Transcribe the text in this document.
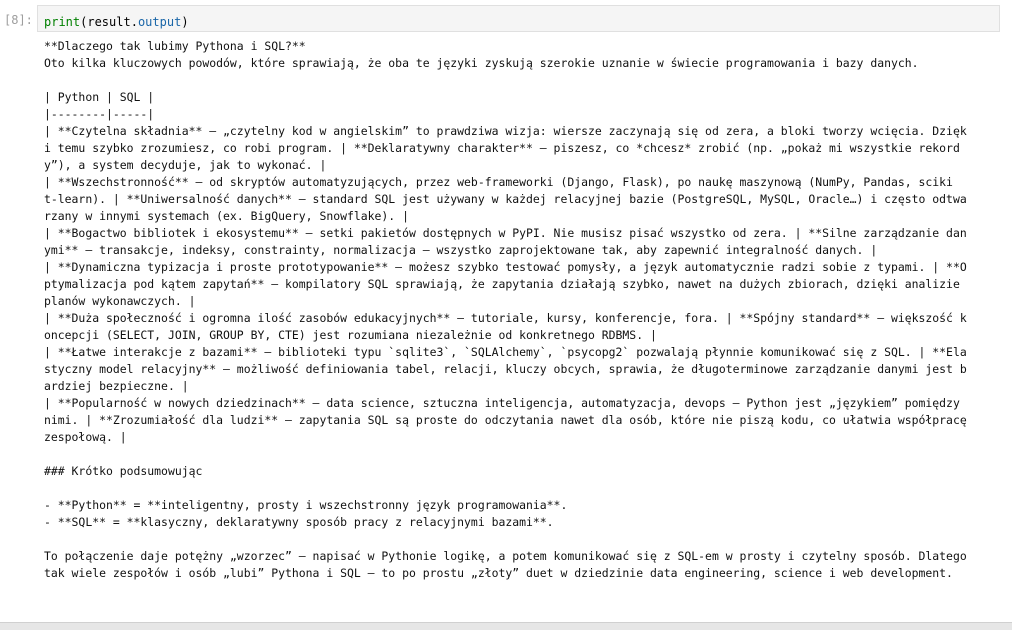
[8]: print(result.output)
**Dlaczego tak lubimy Pythona i SQL?**
Oto kilka kluczowych powodów, które sprawiają, że oba te języki zyskują szerokie uznanie w świecie programowania i bazy danych.
| Python | SQL |
|--------|-----|
| **Czytelna składnia** – „czytelny kod w angielskim” to prawdziwa wizja: wiersze zaczynają się od zera, a bloki tworzy wcięcia. Dzięk
i temu szybko zrozumiesz, co robi program. | **Deklaratywny charakter** – piszesz, co *chcesz* zrobić (np. „pokaż mi wszystkie rekord
y”), a system decyduje, jak to wykonać. |
| **Wszechstronność** – od skryptów automatyzujących, przez web-frameworki (Django, Flask), po naukę maszynową (NumPy, Pandas, sciki
t-learn). | **Uniwersalność danych** – standard SQL jest używany w każdej relacyjnej bazie (PostgreSQL, MySQL, Oracle…) i często odtwa
rzany w innymi systemach (ex. BigQuery, Snowflake). |
| **Bogactwo bibliotek i ekosystemu** – setki pakietów dostępnych w PyPI. Nie musisz pisać wszystko od zera. | **Silne zarządzanie dan
ymi** – transakcje, indeksy, constrainty, normalizacja – wszystko zaprojektowane tak, aby zapewnić integralność danych. |
| **Dynamiczna typizacja i proste prototypowanie** – możesz szybko testować pomysły, a język automatycznie radzi sobie z typami. | **O
ptymalizacja pod kątem zapytań** – kompilatory SQL sprawiają, że zapytania działają szybko, nawet na dużych zbiorach, dzięki analizie
planów wykonawczych. |
| **Duża społeczność i ogromna ilość zasobów edukacyjnych** – tutoriale, kursy, konferencje, fora. | **Spójny standard** – większość k
oncepcji (SELECT, JOIN, GROUP BY, CTE) jest rozumiana niezależnie od konkretnego RDBMS. |
| **Łatwe interakcje z bazami** – biblioteki typu `sqlite3`, `SQLAlchemy`, `psycopg2` pozwalają płynnie komunikować się z SQL. | **Ela
styczny model relacyjny** – możliwość definiowania tabel, relacji, kluczy obcych, sprawia, że długoterminowe zarządzanie danymi jest b
ardziej bezpieczne. |
| **Popularność w nowych dziedzinach** – data science, sztuczna inteligencja, automatyzacja, devops – Python jest „językiem” pomiędzy
nimi. | **Zrozumiałość dla ludzi** – zapytania SQL są proste do odczytania nawet dla osób, które nie piszą kodu, co ułatwia współpracę
zespołową. |
### Krótko podsumowując
- **Python** = **inteligentny, prosty i wszechstronny język programowania**.
- **SQL** = **klasyczny, deklaratywny sposób pracy z relacyjnymi bazami**.
To połączenie daje potężny „wzorzec” – napisać w Pythonie logikę, a potem komunikować się z SQL-em w prosty i czytelny sposób. Dlatego
tak wiele zespołów i osób „lubi” Pythona i SQL – to po prostu „złoty” duet w dziedzinie data engineering, science i web development.
